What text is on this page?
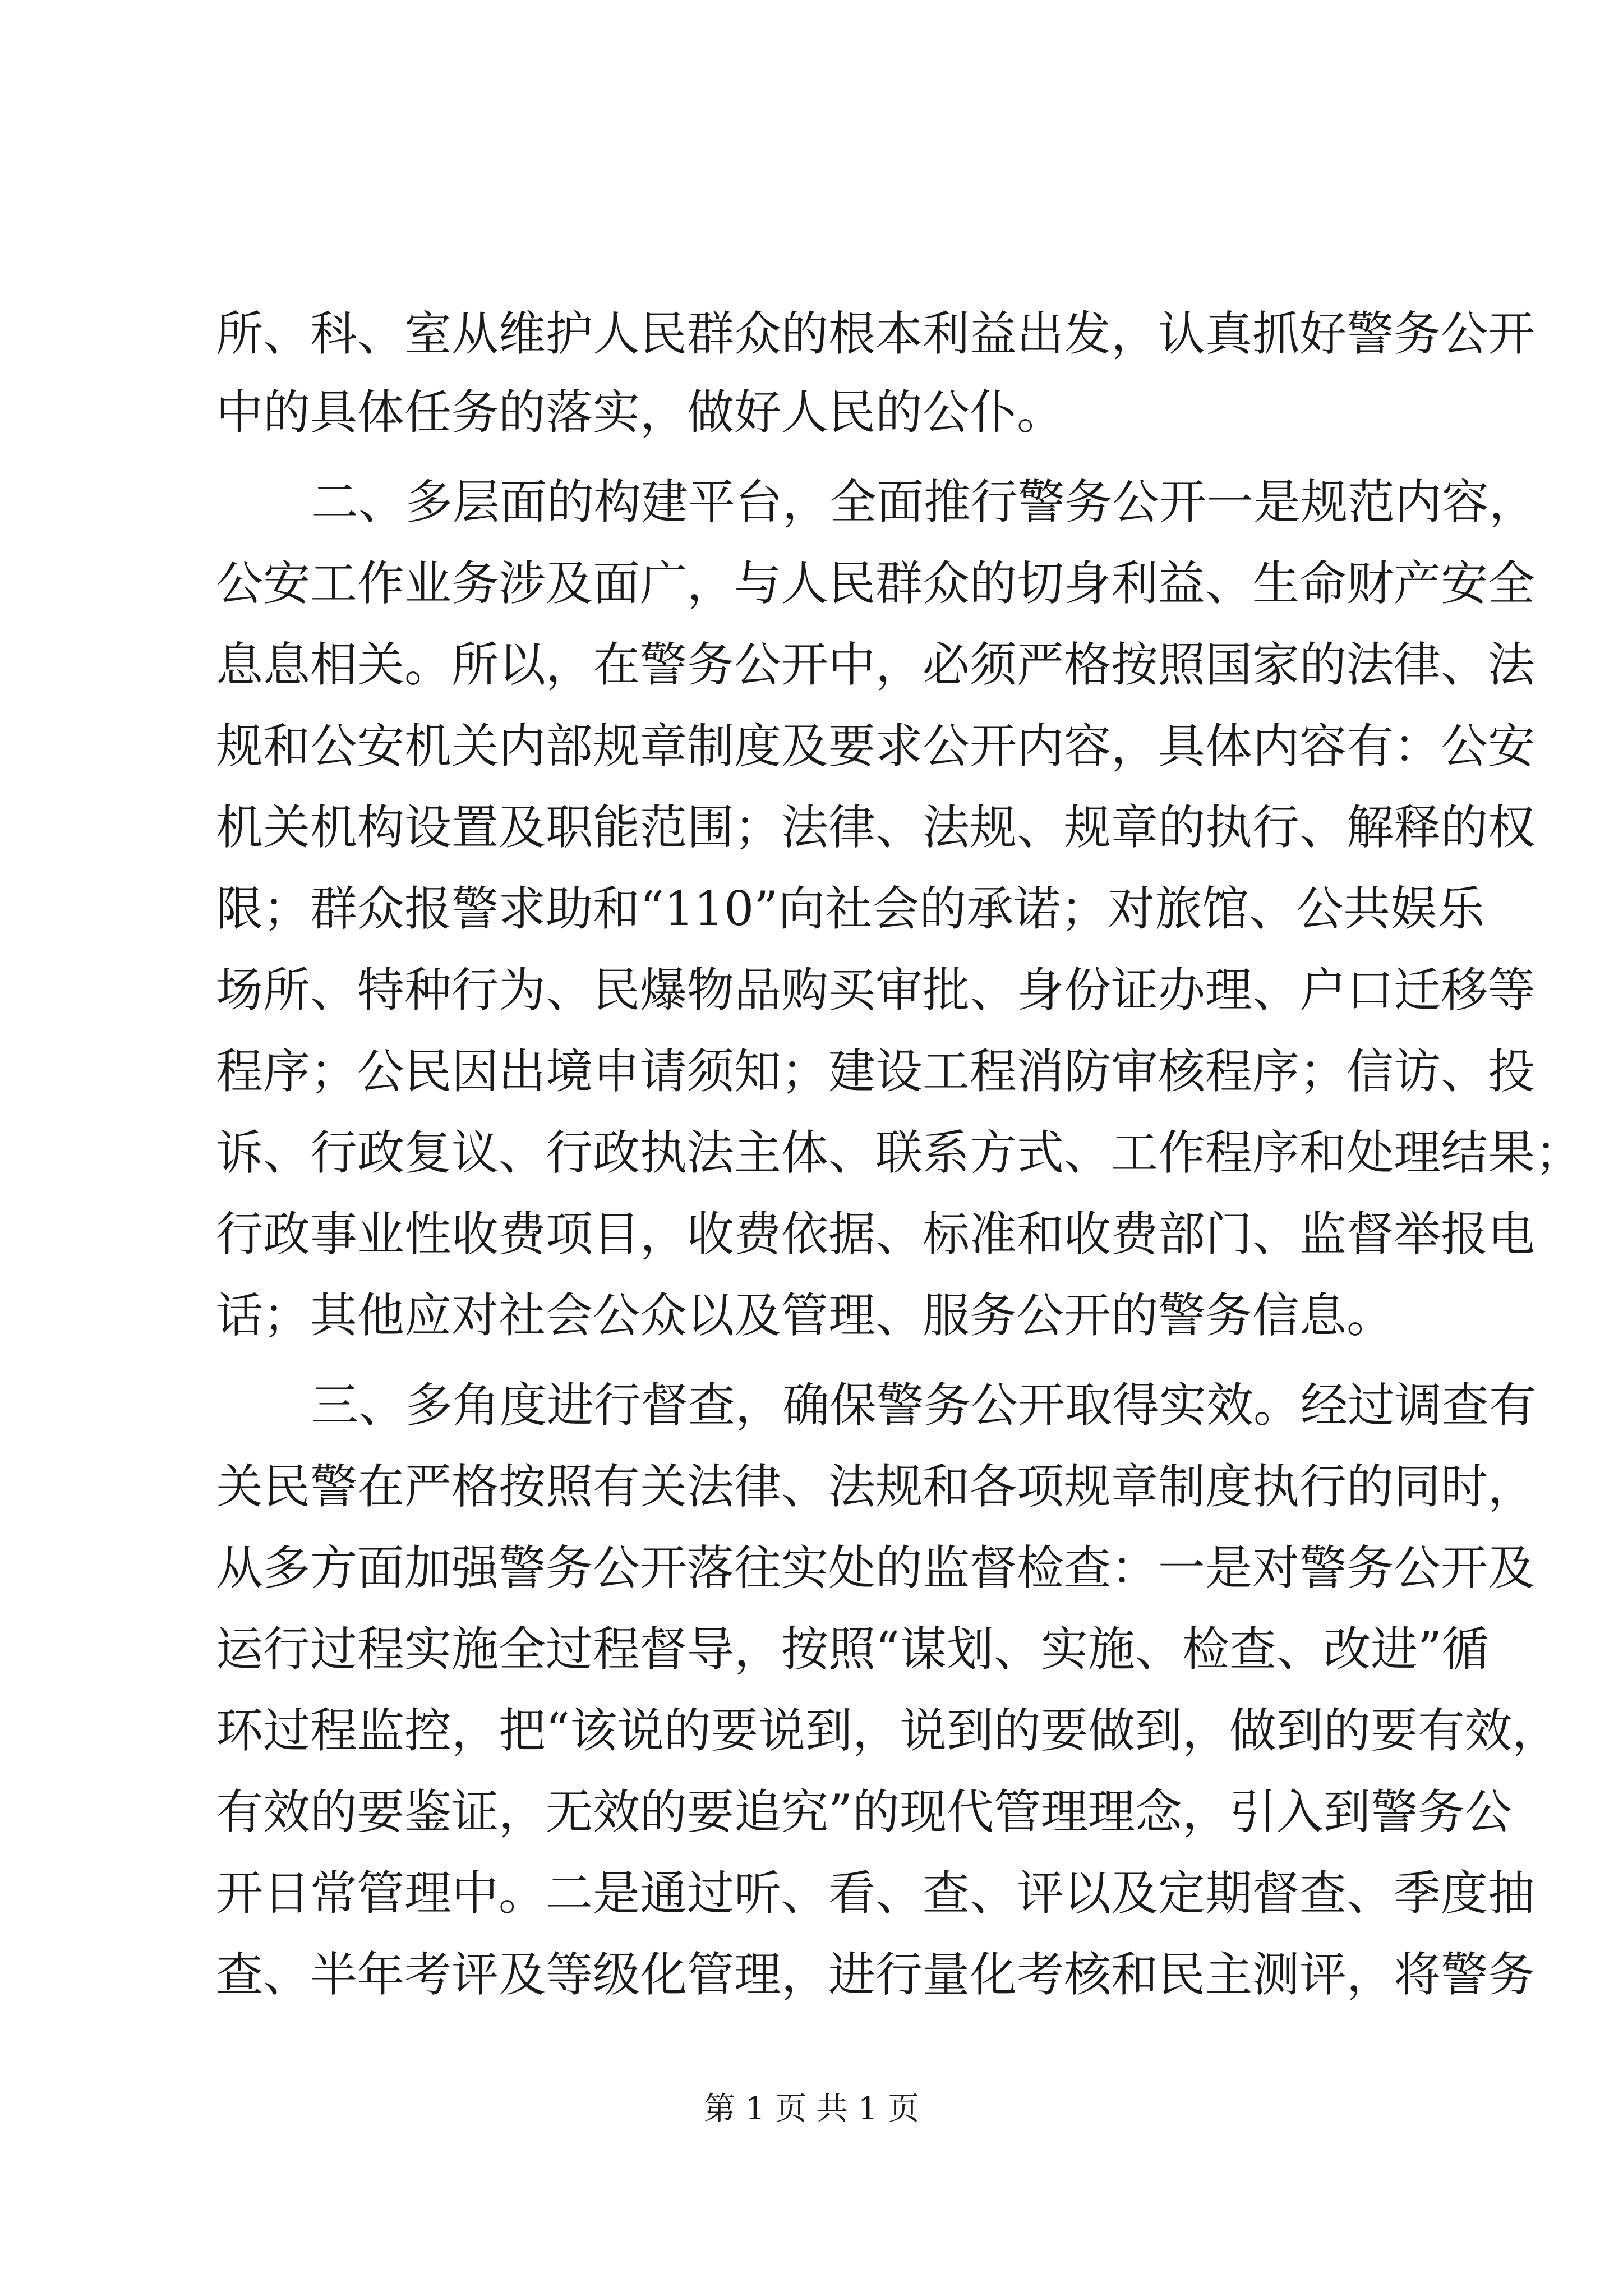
所、科、室从维护人民群众的根本利益出发，认真抓好警务公开
中的具体任务的落实，做好人民的公仆。
二、多层面的构建平台，全面推行警务公开一是规范内容，
公安工作业务涉及面广，与人民群众的切身利益、生命财产安全
息息相关。所以，在警务公开中，必须严格按照国家的法律、法
规和公安机关内部规章制度及要求公开内容，具体内容有：公安
机关机构设置及职能范围；法律、法规、规章的执行、解释的权
限；群众报警求助和“110”向社会的承诺；对旅馆、公共娱乐
场所、特种行为、民爆物品购买审批、身份证办理、户口迁移等
程序；公民因出境申请须知；建设工程消防审核程序；信访、投
诉、行政复议、行政执法主体、联系方式、工作程序和处理结果；
行政事业性收费项目，收费依据、标准和收费部门、监督举报电
话；其他应对社会公众以及管理、服务公开的警务信息。
三、多角度进行督查，确保警务公开取得实效。经过调查有
关民警在严格按照有关法律、法规和各项规章制度执行的同时，
从多方面加强警务公开落往实处的监督检查：一是对警务公开及
运行过程实施全过程督导，按照“谋划、实施、检查、改进”循
环过程监控，把“该说的要说到，说到的要做到，做到的要有效，
有效的要鉴证，无效的要追究”的现代管理理念，引入到警务公
开日常管理中。二是通过听、看、查、评以及定期督查、季度抽
查、半年考评及等级化管理，进行量化考核和民主测评，将警务
第 1 页 共 1 页
